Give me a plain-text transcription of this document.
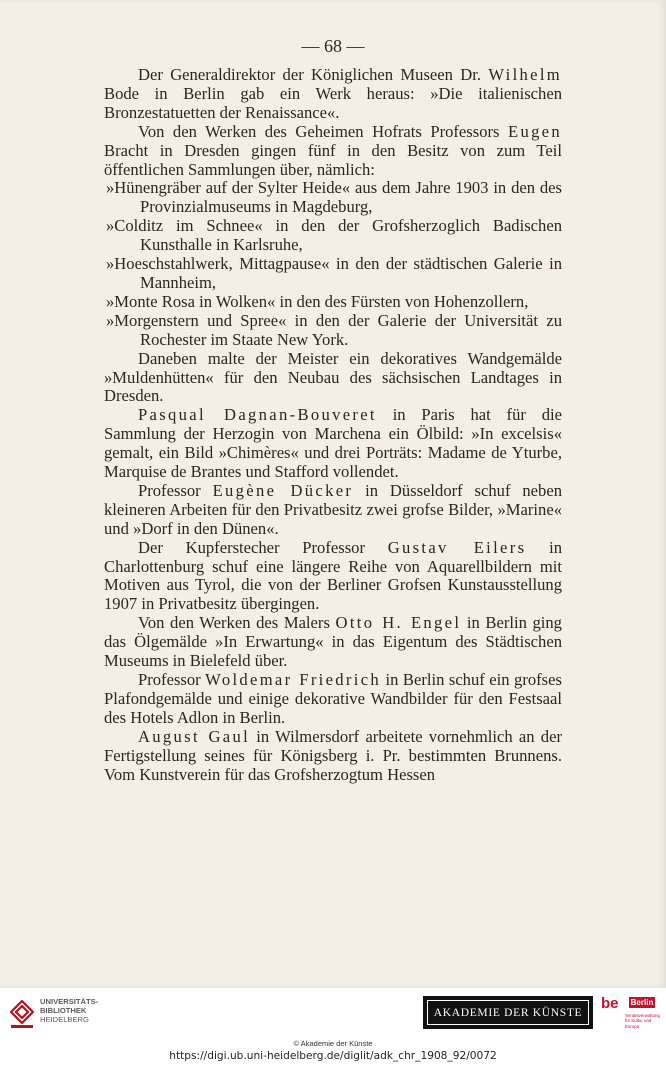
— 68 —

Der Generaldirektor der Königlichen Museen Dr. Wilhelm Bode in Berlin gab ein Werk heraus: »Die italienischen Bronzestatuetten der Renaissance«.

Von den Werken des Geheimen Hofrats Professors Eugen Bracht in Dresden gingen fünf in den Besitz von zum Teil öffentlichen Sammlungen über, nämlich:

»Hünengräber auf der Sylter Heide« aus dem Jahre 1903 in den des Provinzialmuseums in Magdeburg,

»Colditz im Schnee« in den der Grofsherzoglich Badischen Kunsthalle in Karlsruhe,

»Hoeschstahlwerk, Mittagpause« in den der städtischen Galerie in Mannheim,

»Monte Rosa in Wolken« in den des Fürsten von Hohenzollern,

»Morgenstern und Spree« in den der Galerie der Universität zu Rochester im Staate New York.

Daneben malte der Meister ein dekoratives Wandgemälde »Muldenhütten« für den Neubau des sächsischen Landtages in Dresden.

Pasqual Dagnan-Bouveret in Paris hat für die Sammlung der Herzogin von Marchena ein Ölbild: »In excelsis« gemalt, ein Bild »Chimères« und drei Porträts: Madame de Yturbe, Marquise de Brantes und Stafford vollendet.

Professor Eugène Dücker in Düsseldorf schuf neben kleineren Arbeiten für den Privatbesitz zwei grofse Bilder, »Marine« und »Dorf in den Dünen«.

Der Kupferstecher Professor Gustav Eilers in Charlottenburg schuf eine längere Reihe von Aquarellbildern mit Motiven aus Tyrol, die von der Berliner Grofsen Kunstausstellung 1907 in Privatbesitz übergingen.

Von den Werken des Malers Otto H. Engel in Berlin ging das Ölgemälde »In Erwartung« in das Eigentum des Städtischen Museums in Bielefeld über.

Professor Woldemar Friedrich in Berlin schuf ein grofses Plafondgemälde und einige dekorative Wandbilder für den Festsaal des Hotels Adlon in Berlin.

August Gaul in Wilmersdorf arbeitete vornehmlich an der Fertigstellung seines für Königsberg i. Pr. bestimmten Brunnens. Vom Kunstverein für das Grofsherzogtum Hessen

UNIVERSITÄTS-
BIBLIOTHEK
HEIDELBERG
AKADEMIE DER KÜNSTE
be Berlin
Senatsverwaltung für Kultur und Europa
© Akademie der Künste
https://digi.ub.uni-heidelberg.de/diglit/adk_chr_1908_92/0072
